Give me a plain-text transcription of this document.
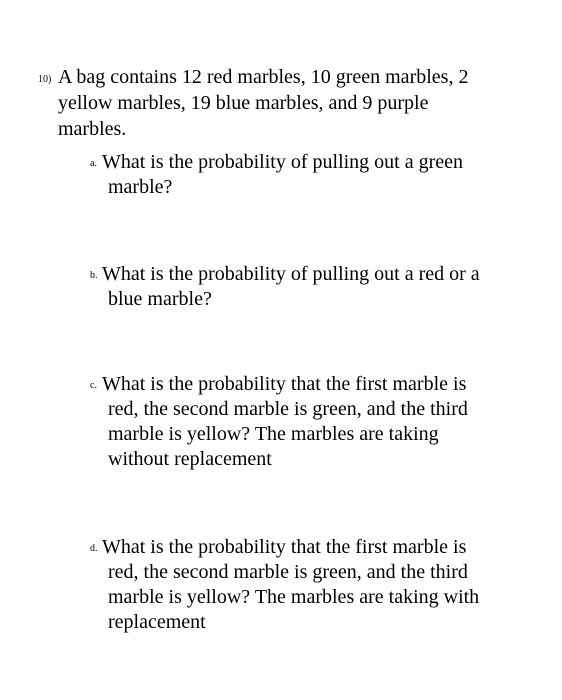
10) A bag contains 12 red marbles, 10 green marbles, 2
yellow marbles, 19 blue marbles, and 9 purple
marbles.
a. What is the probability of pulling out a green
marble?
b. What is the probability of pulling out a red or a
blue marble?
c. What is the probability that the first marble is
red, the second marble is green, and the third
marble is yellow? The marbles are taking
without replacement
d. What is the probability that the first marble is
red, the second marble is green, and the third
marble is yellow? The marbles are taking with
replacement
